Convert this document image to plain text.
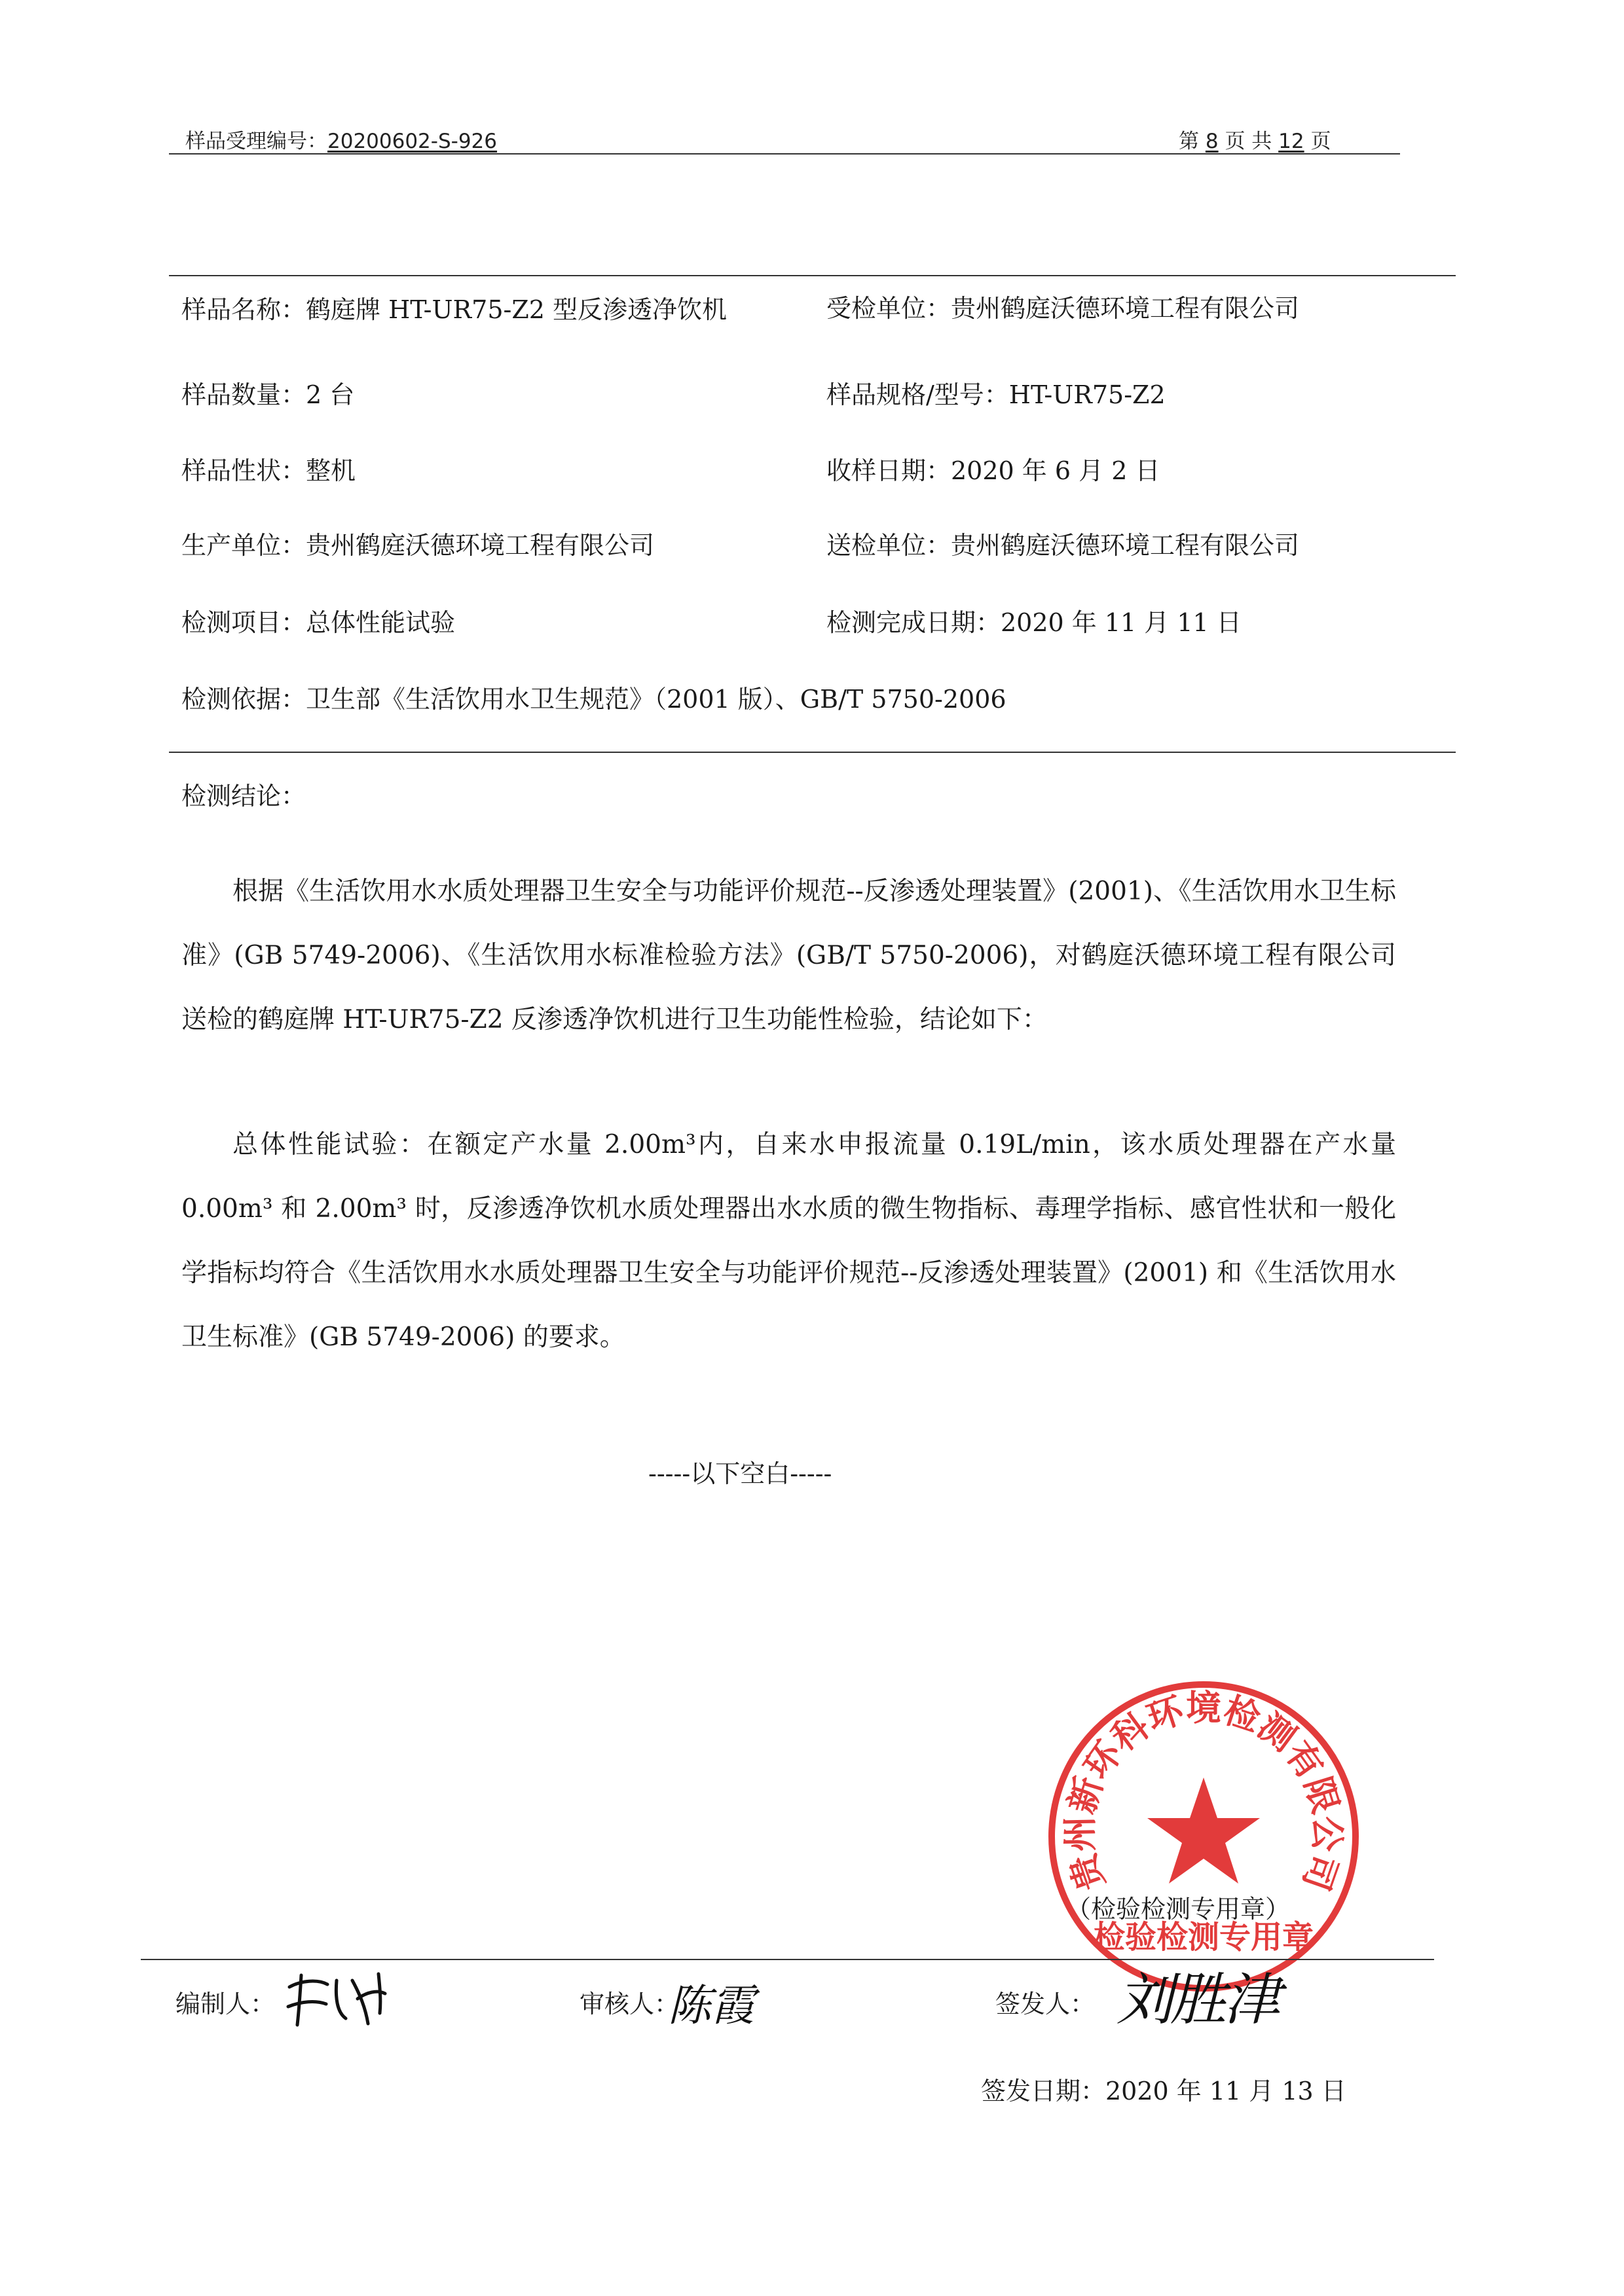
样品受理编号：20200602-S-926	第 8 页 共 12 页
样品名称：鹤庭牌 HT-UR75-Z2 型反渗透净饮机	受检单位：贵州鹤庭沃德环境工程有限公司
样品数量：2 台	样品规格/型号：HT-UR75-Z2
样品性状：整机	收样日期：2020 年 6 月 2 日
生产单位：贵州鹤庭沃德环境工程有限公司	送检单位：贵州鹤庭沃德环境工程有限公司
检测项目：总体性能试验	检测完成日期：2020 年 11 月 11 日
检测依据：卫生部《生活饮用水卫生规范》（2001 版）、GB/T 5750-2006
检测结论：
根据《生活饮用水水质处理器卫生安全与功能评价规范--反渗透处理装置》(2001)、《生活饮用水卫生标准》(GB 5749-2006)、《生活饮用水标准检验方法》(GB/T 5750-2006)，对鹤庭沃德环境工程有限公司送检的鹤庭牌 HT-UR75-Z2 反渗透净饮机进行卫生功能性检验，结论如下：
总体性能试验：在额定产水量 2.00m³内，自来水申报流量 0.19L/min，该水质处理器在产水量 0.00m³ 和 2.00m³ 时，反渗透净饮机水质处理器出水水质的微生物指标、毒理学指标、感官性状和一般化学指标均符合《生活饮用水水质处理器卫生安全与功能评价规范--反渗透处理装置》(2001) 和《生活饮用水卫生标准》(GB 5749-2006) 的要求。
-----以下空白-----
贵州新环科环境检测有限公司
检验检测专用章
（检验检测专用章）
编制人：	审核人：
陈霞	签发人： 刘胜津
签发日期：2020 年 11 月 13 日
